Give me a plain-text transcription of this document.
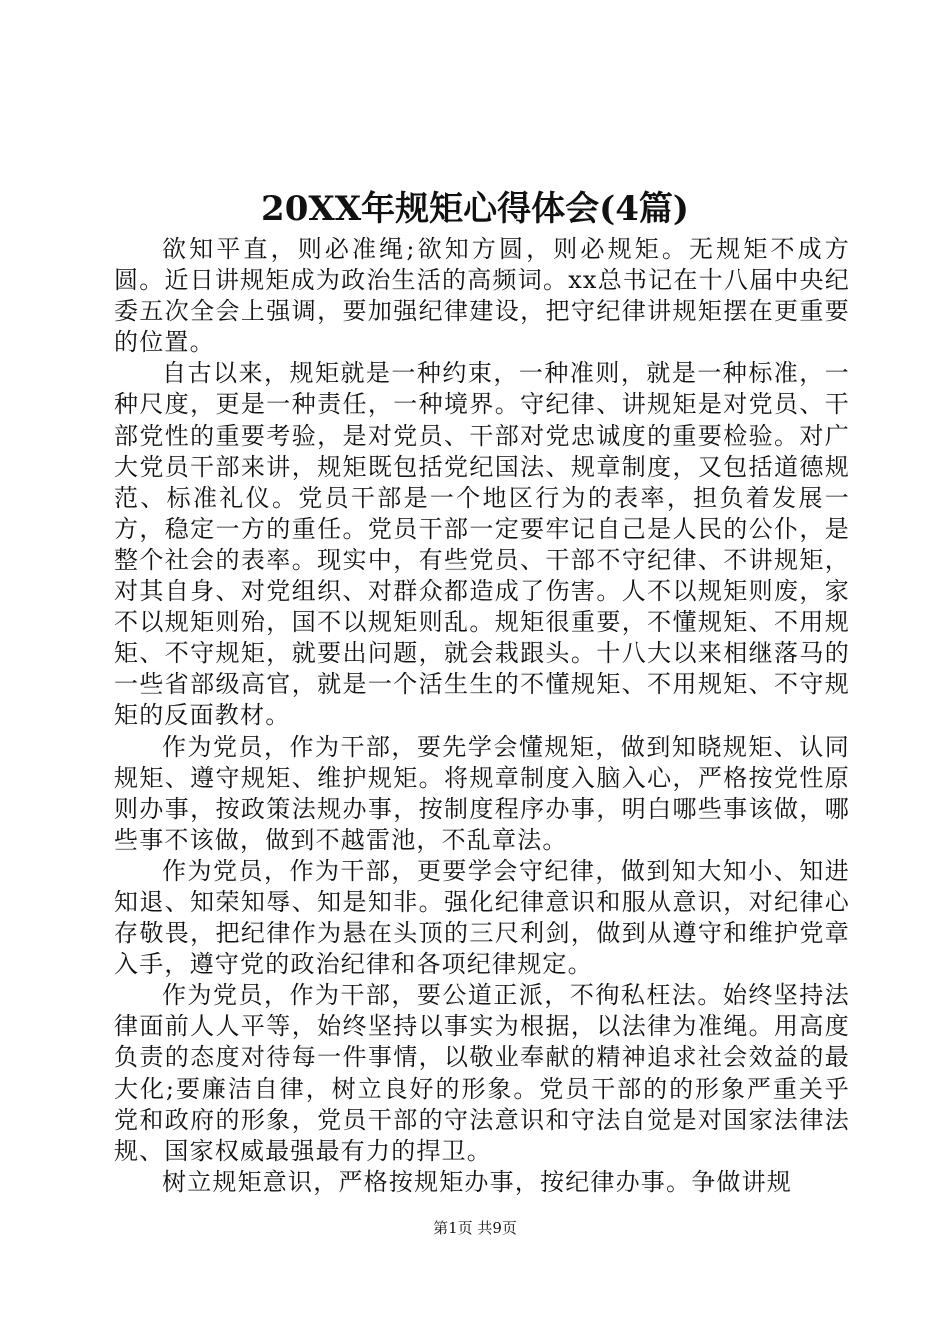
20XX年规矩心得体会(4篇)

欲知平直，则必准绳;欲知方圆，则必规矩。无规矩不成方圆。近日讲规矩成为政治生活的高频词。xx总书记在十八届中央纪委五次全会上强调，要加强纪律建设，把守纪律讲规矩摆在更重要的位置。

自古以来，规矩就是一种约束，一种准则，就是一种标准，一种尺度，更是一种责任，一种境界。守纪律、讲规矩是对党员、干部党性的重要考验，是对党员、干部对党忠诚度的重要检验。对广大党员干部来讲，规矩既包括党纪国法、规章制度，又包括道德规范、标准礼仪。党员干部是一个地区行为的表率，担负着发展一方，稳定一方的重任。党员干部一定要牢记自己是人民的公仆，是整个社会的表率。现实中，有些党员、干部不守纪律、不讲规矩，对其自身、对党组织、对群众都造成了伤害。人不以规矩则废，家不以规矩则殆，国不以规矩则乱。规矩很重要，不懂规矩、不用规矩、不守规矩，就要出问题，就会栽跟头。十八大以来相继落马的一些省部级高官，就是一个活生生的不懂规矩、不用规矩、不守规矩的反面教材。

作为党员，作为干部，要先学会懂规矩，做到知晓规矩、认同规矩、遵守规矩、维护规矩。将规章制度入脑入心，严格按党性原则办事，按政策法规办事，按制度程序办事，明白哪些事该做，哪些事不该做，做到不越雷池，不乱章法。

作为党员，作为干部，更要学会守纪律，做到知大知小、知进知退、知荣知辱、知是知非。强化纪律意识和服从意识，对纪律心存敬畏，把纪律作为悬在头顶的三尺利剑，做到从遵守和维护党章入手，遵守党的政治纪律和各项纪律规定。

作为党员，作为干部，要公道正派，不徇私枉法。始终坚持法律面前人人平等，始终坚持以事实为根据，以法律为准绳。用高度负责的态度对待每一件事情，以敬业奉献的精神追求社会效益的最大化;要廉洁自律，树立良好的形象。党员干部的的形象严重关乎党和政府的形象，党员干部的守法意识和守法自觉是对国家法律法规、国家权威最强最有力的捍卫。

树立规矩意识，严格按规矩办事，按纪律办事。争做讲规

第1页 共9页
